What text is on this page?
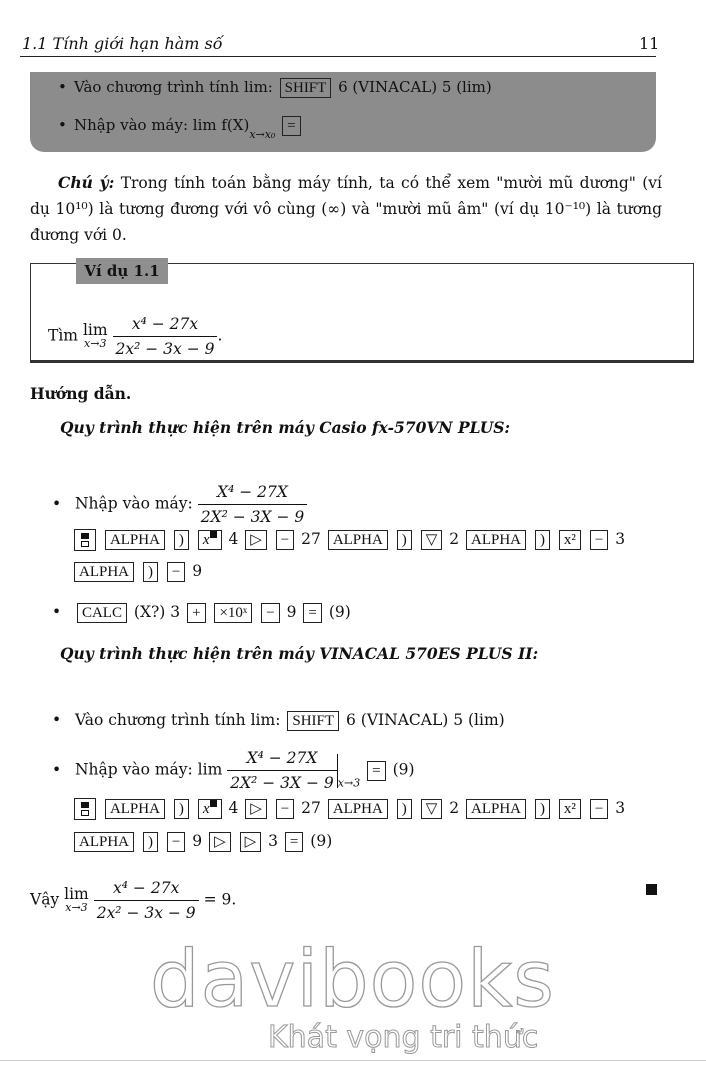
1.1 Tính giới hạn hàm số	11
• Vào chương trình tính lim: SHIFT 6 (VINACAL) 5 (lim)
• Nhập vào máy: $\lim f(X)_{x\to x_0}$ =
Chú ý: Trong tính toán bằng máy tính, ta có thể xem "mười mũ dương" (ví dụ 10¹⁰) là tương đương với vô cùng (∞) và "mười mũ âm" (ví dụ 10⁻¹⁰) là tương đương với 0.
Ví dụ 1.1
Tìm lim
x→3
$\frac{\text{x⁴ − 27x}}{\text{2x² − 3x − 9}}$ .
Hướng dẫn.
Quy trình thực hiện trên máy Casio fx-570VN PLUS:
• Nhập vào máy: $\frac{\text{X⁴ − 27X}}{\text{2X² − 3X − 9}}$
ALPHA ) x 4 ▷ − 27 ALPHA ) ▽ 2 ALPHA ) x² − 3
ALPHA ) − 9
• CALC (X?) 3 + ×10ˣ − 9 = (9)
Quy trình thực hiện trên máy VINACAL 570ES PLUS II:
• Vào chương trình tính lim: SHIFT 6 (VINACAL) 5 (lim)
• Nhập vào máy: $\lim \frac{\text{X⁴ − 27X}}{\text{2X² − 3X − 9}} _{x\to 3} = (9)$
ALPHA ) x 4 ▷ − 27 ALPHA ) ▽ 2 ALPHA ) x² − 3
ALPHA ) − 9 ▷ ▷ 3 = (9)
Vậy lim
x→3
$\frac{\text{x⁴ − 27x}}{\text{2x² − 3x − 9}} = 9$.
davibooks
Khát vọng tri thức
